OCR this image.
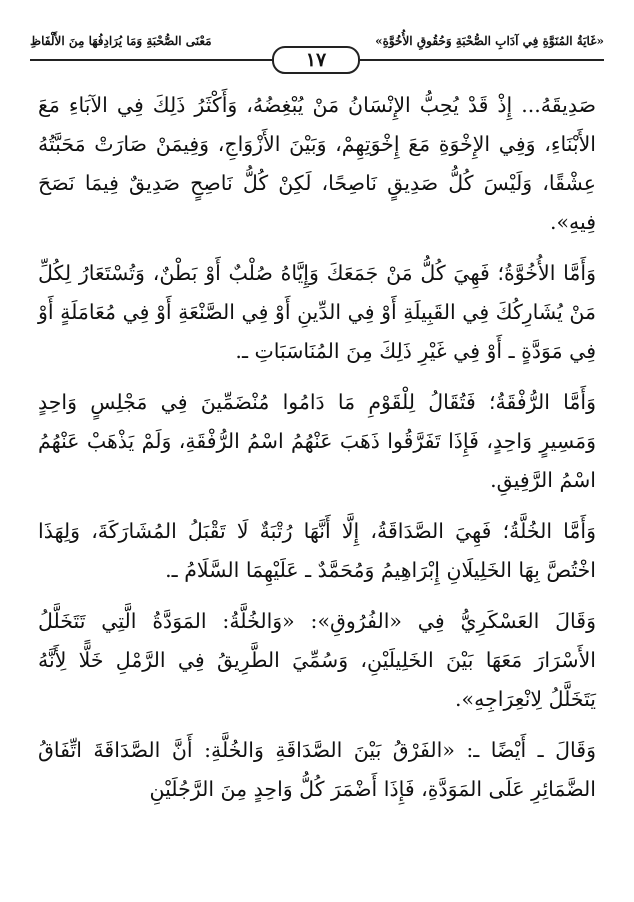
«غَايَةُ المُنَوَّةِ فِي آدَابِ الصُّحْبَةِ وَحُقُوقِ الأُخُوَّةِ»
مَعْنَى الصُّحْبَةِ وَمَا يُرَادِفُهَا مِنَ الأَلْفَاظِ
١٧

صَدِيقَهُ... إِذْ قَدْ يُحِبُّ الإِنْسَانُ مَنْ يُبْغِضُهُ، وَأَكْثَرُ ذَلِكَ فِي الآبَاءِ مَعَ الأَبْنَاءِ، وَفِي الإِخْوَةِ مَعَ إِخْوَتِهِمْ، وَبَيْنَ الأَزْوَاجِ، وَفِيمَنْ صَارَتْ مَحَبَّتُهُ عِشْقًا، وَلَيْسَ كُلُّ صَدِيقٍ نَاصِحًا، لَكِنْ كُلُّ نَاصِحٍ صَدِيقٌ فِيمَا نَصَحَ فِيهِ».

وَأَمَّا الأُخُوَّةُ؛ فَهِيَ كُلُّ مَنْ جَمَعَكَ وَإِيَّاهُ صُلْبٌ أَوْ بَطْنٌ، وَتُسْتَعَارُ لِكُلِّ مَنْ يُشَارِكُكَ فِي القَبِيلَةِ أَوْ فِي الدِّينِ أَوْ فِي الصَّنْعَةِ أَوْ فِي مُعَامَلَةٍ أَوْ فِي مَوَدَّةٍ ـ أَوْ فِي غَيْرِ ذَلِكَ مِنَ المُنَاسَبَاتِ ـ.

وَأَمَّا الرُّفْقَةُ؛ فَتُقَالُ لِلْقَوْمِ مَا دَامُوا مُنْضَمِّينَ فِي مَجْلِسٍ وَاحِدٍ وَمَسِيرٍ وَاحِدٍ، فَإِذَا تَفَرَّقُوا ذَهَبَ عَنْهُمُ اسْمُ الرُّفْقَةِ، وَلَمْ يَذْهَبْ عَنْهُمُ اسْمُ الرَّفِيقِ.

وَأَمَّا الخُلَّةُ؛ فَهِيَ الصَّدَاقَةُ، إِلَّا أَنَّهَا رُتْبَةٌ لَا تَقْبَلُ المُشَارَكَةَ، وَلِهَذَا اخْتُصَّ بِهَا الخَلِيلَانِ إِبْرَاهِيمُ وَمُحَمَّدٌ ـ عَلَيْهِمَا السَّلَامُ ـ.

وَقَالَ العَسْكَرِيُّ فِي «الفُرُوقِ»: «وَالخُلَّةُ: المَوَدَّةُ الَّتِي تَتَخَلَّلُ الأَسْرَارَ مَعَهَا بَيْنَ الخَلِيلَيْنِ، وَسُمِّيَ الطَّرِيقُ فِي الرَّمْلِ خَلًّا لِأَنَّهُ يَتَخَلَّلُ لِانْعِرَاجِهِ».

وَقَالَ ـ أَيْضًا ـ: «الفَرْقُ بَيْنَ الصَّدَاقَةِ وَالخُلَّةِ: أَنَّ الصَّدَاقَةَ اتِّفَاقُ الضَّمَائِرِ عَلَى المَوَدَّةِ، فَإِذَا أَضْمَرَ كُلُّ وَاحِدٍ مِنَ الرَّجُلَيْنِ
